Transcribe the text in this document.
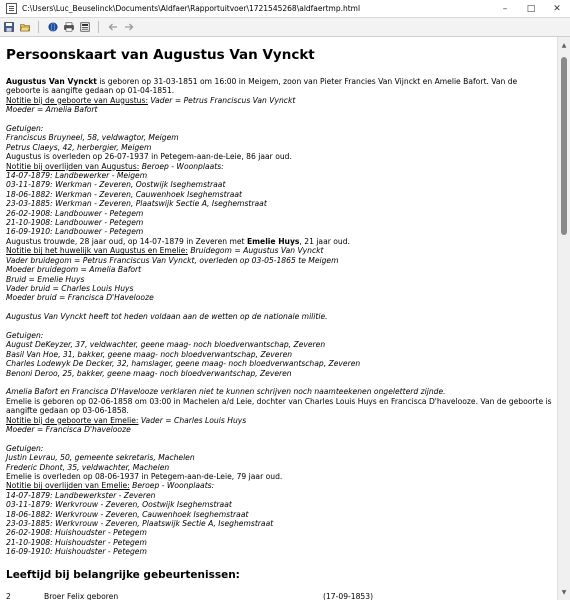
C:\Users\Luc_Beuselinck\Documents\Aldfaer\Rapportuitvoer\1721545268\aldfaertmp.html	–	□	✕
Persoonskaart van Augustus Van Vynckt

Augustus Van Vynckt is geboren op 31-03-1851 om 16:00 in Meigem, zoon van Pieter Francies Van Vijnckt en Amelie Bafort. Van de geboorte is aangifte gedaan op 01-04-1851.

Notitie bij de geboorte van Augustus: Vader = Petrus Franciscus Van Vynckt

Moeder = Amelia Bafort

Getuigen:

Franciscus Bruyneel, 58, veldwagtor, Meigem

Petrus Claeys, 42, herbergier, Meigem

Augustus is overleden op 26-07-1937 in Petegem-aan-de-Leie, 86 jaar oud.

Notitie bij overlijden van Augustus: Beroep - Woonplaats:

14-07-1879: Landbewerker - Meigem

03-11-1879: Werkman - Zeveren, Oostwijk Iseghemstraat

18-06-1882: Werkman - Zeveren, Cauwenhoek Iseghemstraat

23-03-1885: Werkman - Zeveren, Plaatswijk Sectie A, Iseghemstraat

26-02-1908: Landbouwer - Petegem

21-10-1908: Landbouwer - Petegem

16-09-1910: Landbouwer - Petegem

Augustus trouwde, 28 jaar oud, op 14-07-1879 in Zeveren met Emelie Huys, 21 jaar oud.

Notitie bij het huwelijk van Augustus en Emelie: Bruidegom = Augustus Van Vynckt

Vader bruidegom = Petrus Franciscus Van Vynckt, overleden op 03-05-1865 te Meigem

Moeder bruidegom = Amelia Bafort

Bruid = Emelie Huys

Vader bruid = Charles Louis Huys

Moeder bruid = Francisca D'Havelooze

Augustus Van Vynckt heeft tot heden voldaan aan de wetten op de nationale militie.

Getuigen:

August DeKeyzer, 37, veldwachter, geene maag- noch bloedverwantschap, Zeveren

Basil Van Hoe, 31, bakker, geene maag- noch bloedverwantschap, Zeveren

Charles Lodewyk De Decker, 32, hamslager, geene maag- noch bloedverwantschap, Zeveren

Benoni Deroo, 25, bakker, geene maag- noch bloedverwantschap, Zeveren

Amelia Bafort en Francisca D'Havelooze verklaren niet te kunnen schrijven noch naamteekenen ongeletterd zijnde.

Emelie is geboren op 02-06-1858 om 03:00 in Machelen a/d Leie, dochter van Charles Louis Huys en Francisca D'havelooze. Van de geboorte is aangifte gedaan op 03-06-1858.

Notitie bij de geboorte van Emelie: Vader = Charles Louis Huys

Moeder = Francisca D'havelooze

Getuigen:

Justin Levrau, 50, gemeente sekretaris, Machelen

Frederic Dhont, 35, veldwachter, Machelen

Emelie is overleden op 08-06-1937 in Petegem-aan-de-Leie, 79 jaar oud.

Notitie bij overlijden van Emelie: Beroep - Woonplaats:

14-07-1879: Landbewerkster - Zeveren

03-11-1879: Werkvrouw - Zeveren, Oostwijk Iseghemstraat

18-06-1882: Werkvrouw - Zeveren, Cauwenhoek Iseghemstraat

23-03-1885: Werkvrouw - Zeveren, Plaatswijk Sectie A, Iseghemstraat

26-02-1908: Huishoudster - Petegem

21-10-1908: Huishoudster - Petegem

16-09-1910: Huishoudster - Petegem

Leeftijd bij belangrijke gebeurtenissen:
2	Broer Felix geboren	(17-09-1853)
▲
▼
